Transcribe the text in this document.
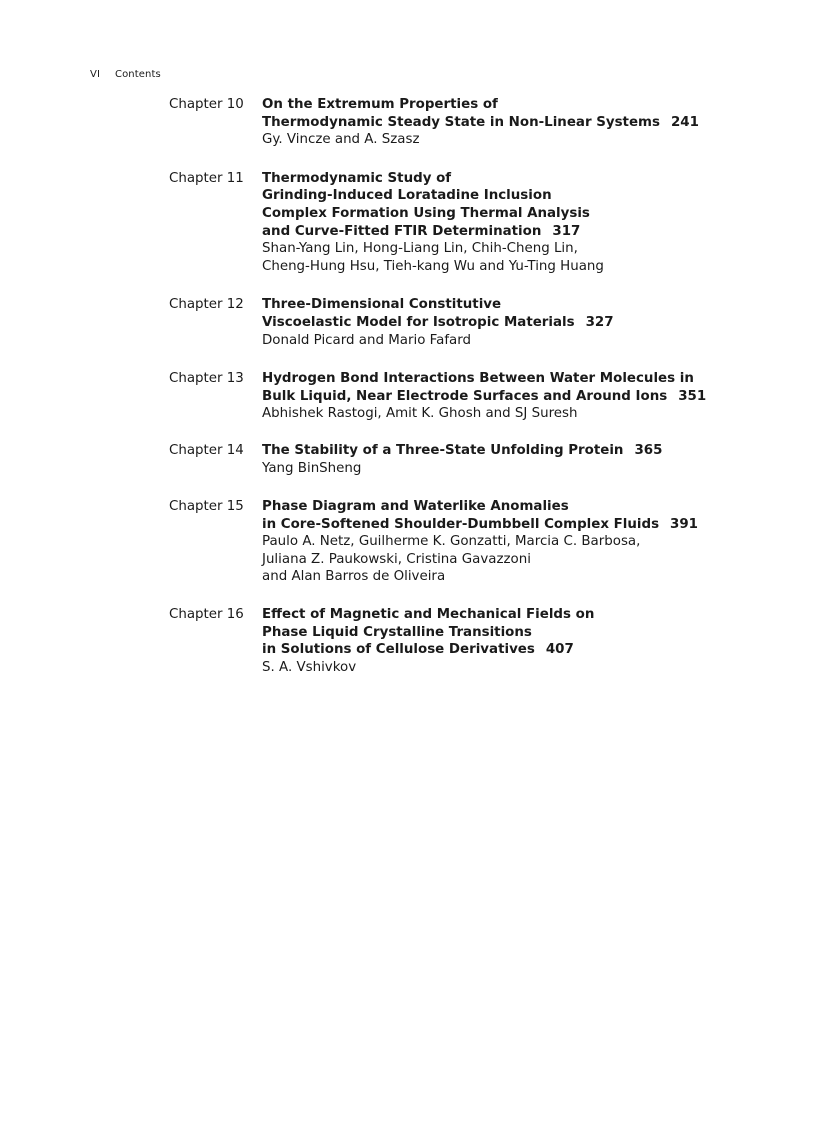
VI Contents
Chapter 10	On the Extremum Properties of
Thermodynamic Steady State in Non-Linear Systems 241
Gy. Vincze and A. Szasz
Chapter 11	Thermodynamic Study of
Grinding-Induced Loratadine Inclusion
Complex Formation Using Thermal Analysis
and Curve-Fitted FTIR Determination 317
Shan-Yang Lin, Hong-Liang Lin, Chih-Cheng Lin,
Cheng-Hung Hsu, Tieh-kang Wu and Yu-Ting Huang
Chapter 12	Three-Dimensional Constitutive
Viscoelastic Model for Isotropic Materials 327
Donald Picard and Mario Fafard
Chapter 13	Hydrogen Bond Interactions Between Water Molecules in
Bulk Liquid, Near Electrode Surfaces and Around Ions 351
Abhishek Rastogi, Amit K. Ghosh and SJ Suresh
Chapter 14	The Stability of a Three-State Unfolding Protein 365
Yang BinSheng
Chapter 15	Phase Diagram and Waterlike Anomalies
in Core-Softened Shoulder-Dumbbell Complex Fluids 391
Paulo A. Netz, Guilherme K. Gonzatti, Marcia C. Barbosa,
Juliana Z. Paukowski, Cristina Gavazzoni
and Alan Barros de Oliveira
Chapter 16	Effect of Magnetic and Mechanical Fields on
Phase Liquid Crystalline Transitions
in Solutions of Cellulose Derivatives 407
S. A. Vshivkov
